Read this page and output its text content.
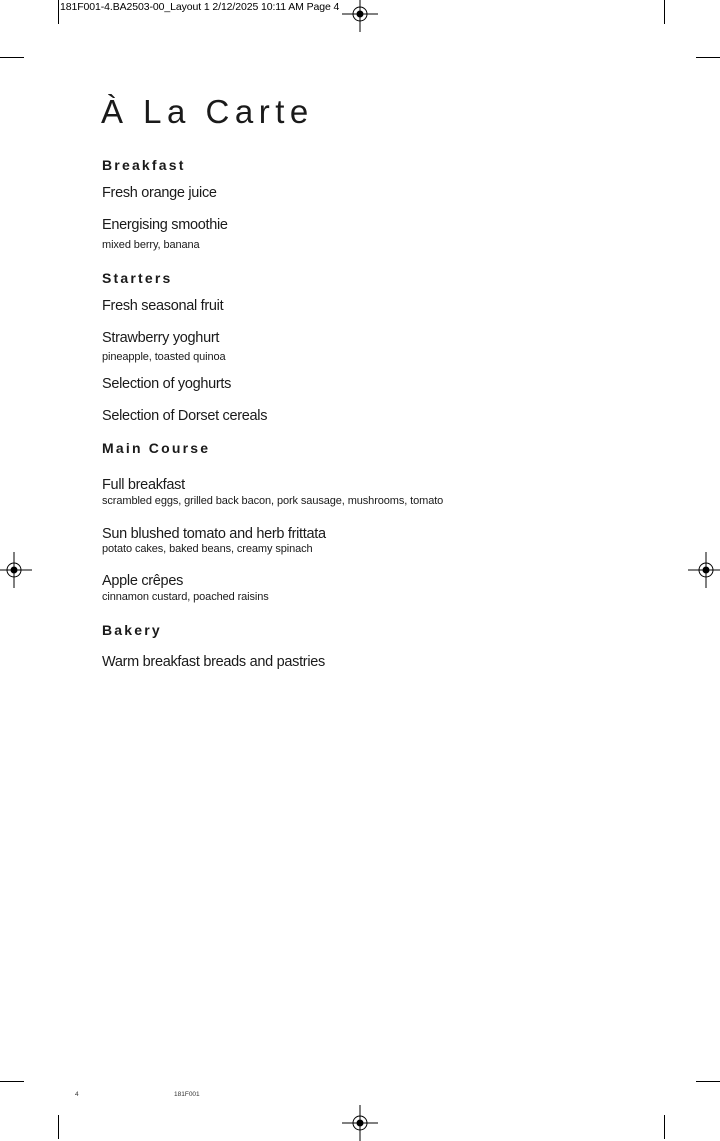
181F001-4.BA2503-00_Layout 1 2/12/2025 10:11 AM Page 4
À La Carte
Breakfast
Fresh orange juice
Energising smoothie
mixed berry, banana
Starters
Fresh seasonal fruit
Strawberry yoghurt
pineapple, toasted quinoa
Selection of yoghurts
Selection of Dorset cereals
Main Course
Full breakfast
scrambled eggs, grilled back bacon, pork sausage, mushrooms, tomato
Sun blushed tomato and herb frittata
potato cakes, baked beans, creamy spinach
Apple crêpes
cinnamon custard, poached raisins
Bakery
Warm breakfast breads and pastries
4	181F001
